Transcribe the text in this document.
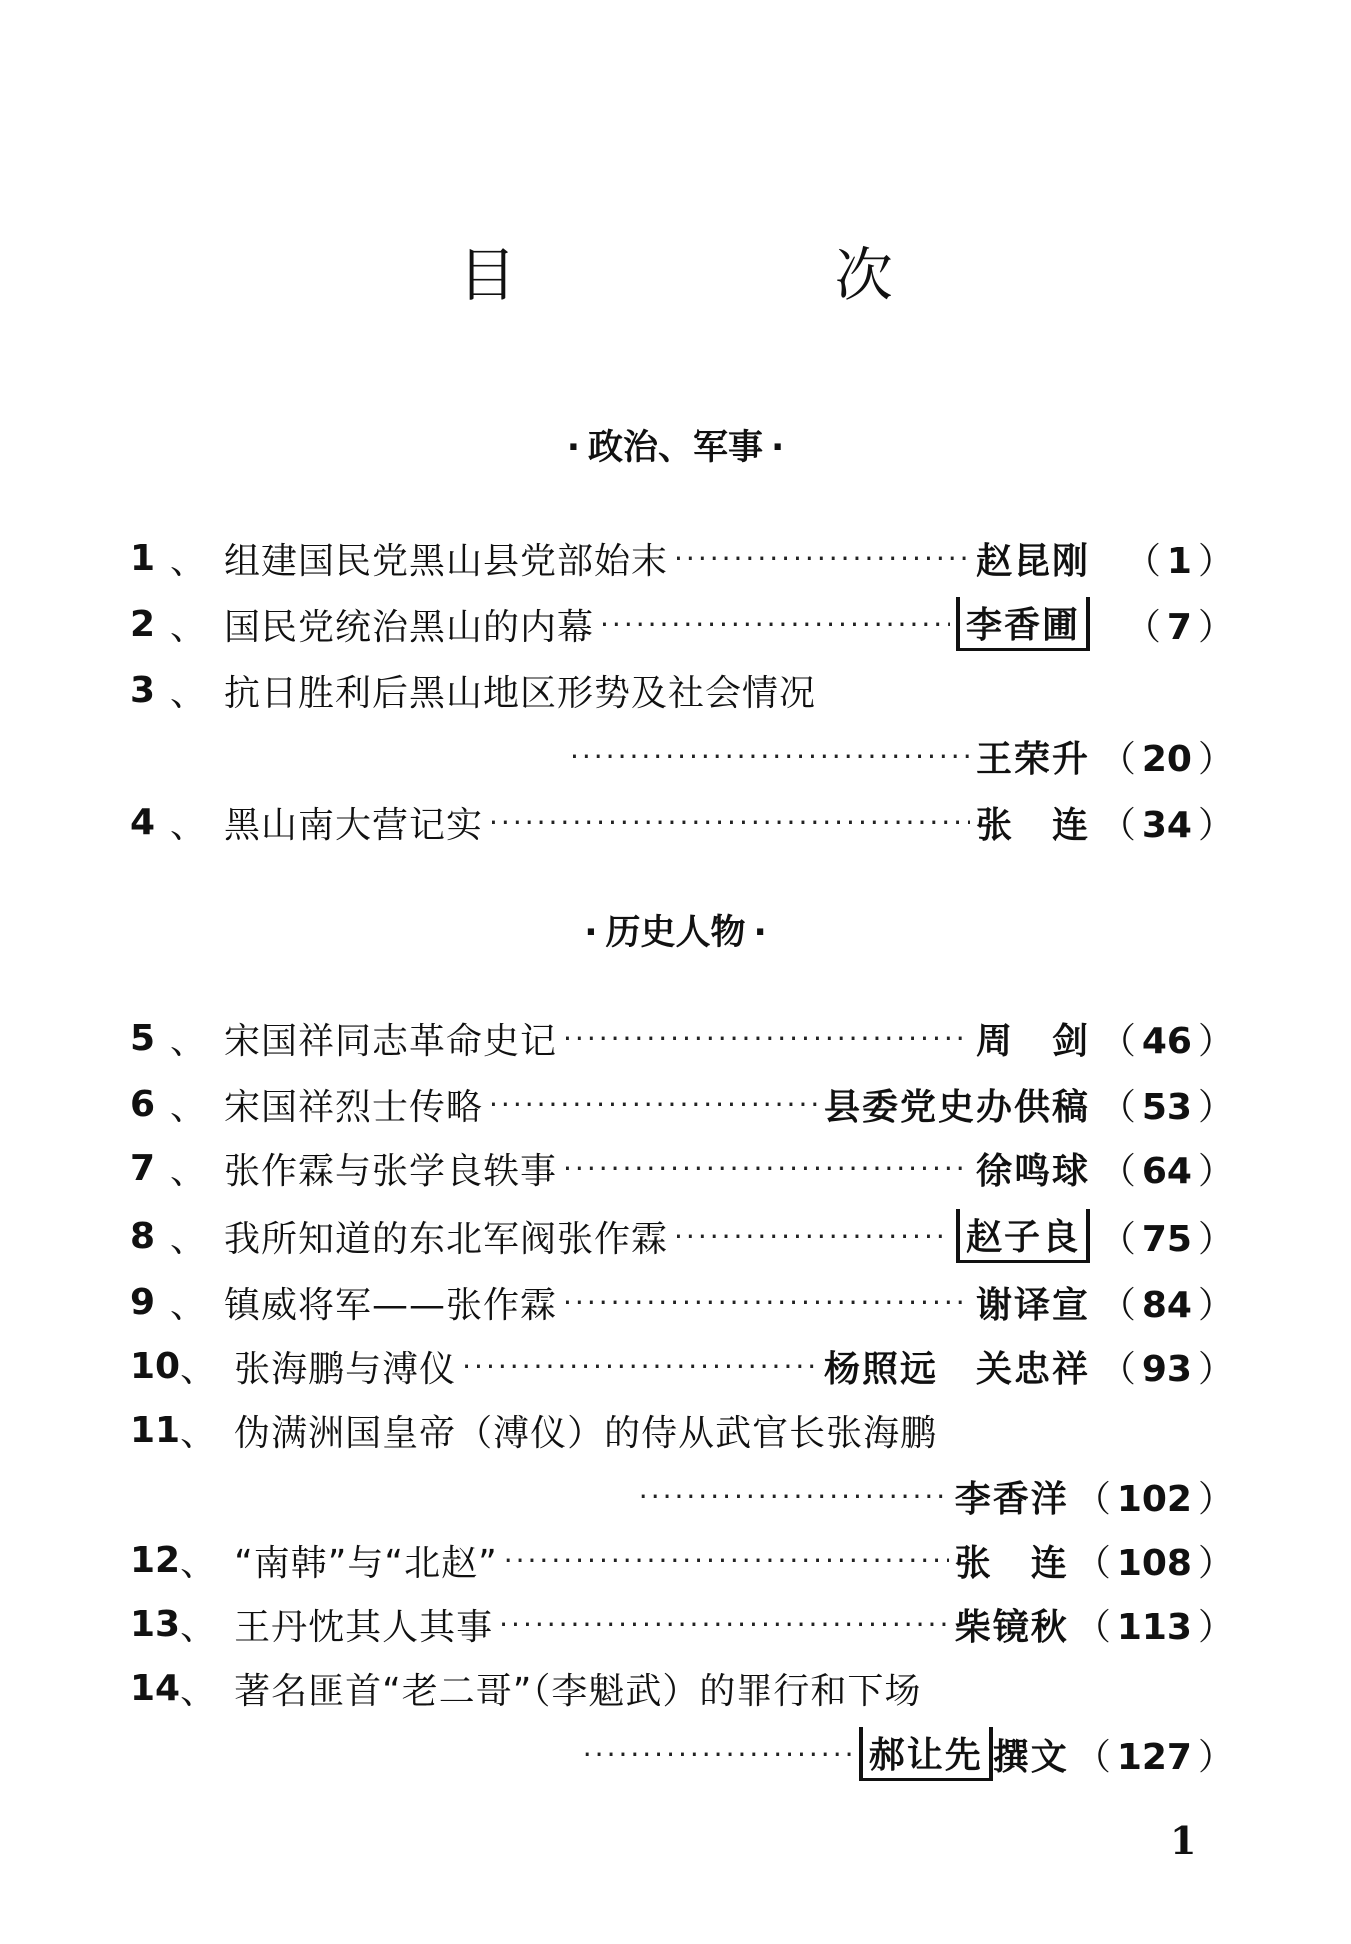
目 次
· 政治、军事 ·
1 、 组建国民党黑山县党部始末 ·····	赵昆刚 （ 1 ）
2 、 国民党统治黑山的内幕 ·····	李香圃	（ 7 ）
3 、 抗日胜利后黑山地区形势及社会情况
·····
王荣升 （ 20 ）
4 、 黑山南大营记实 ·····	张　连 （ 34 ）
· 历史人物 ·
5 、 宋国祥同志革命史记 ·····	周　剑 （ 46 ）
6 、 宋国祥烈士传略 ·····	县委党史办供稿 （ 53 ）
7 、 张作霖与张学良轶事 ·····	徐鸣球 （ 64 ）
8 、 我所知道的东北军阀张作霖 ·····	赵子良 （ 75 ）
9 、 镇威将军——张作霖 ·····	谢译宣 （ 84 ）
10 、 张海鹏与溥仪 ·····	杨照远　关忠祥 （ 93 ）
11 、 伪满洲国皇帝（溥仪）的侍从武官长张海鹏
·····
李香洋 （ 102 ）
12 、 “南韩”与“北赵” ·····	张　连 （ 108 ）
13 、 王丹忱其人其事 ·····	柴镜秋 （ 113 ）
14 、 著名匪首“老二哥”（李魁武）的罪行和下场
·····
郝让先 撰文 （ 127 ）
1
